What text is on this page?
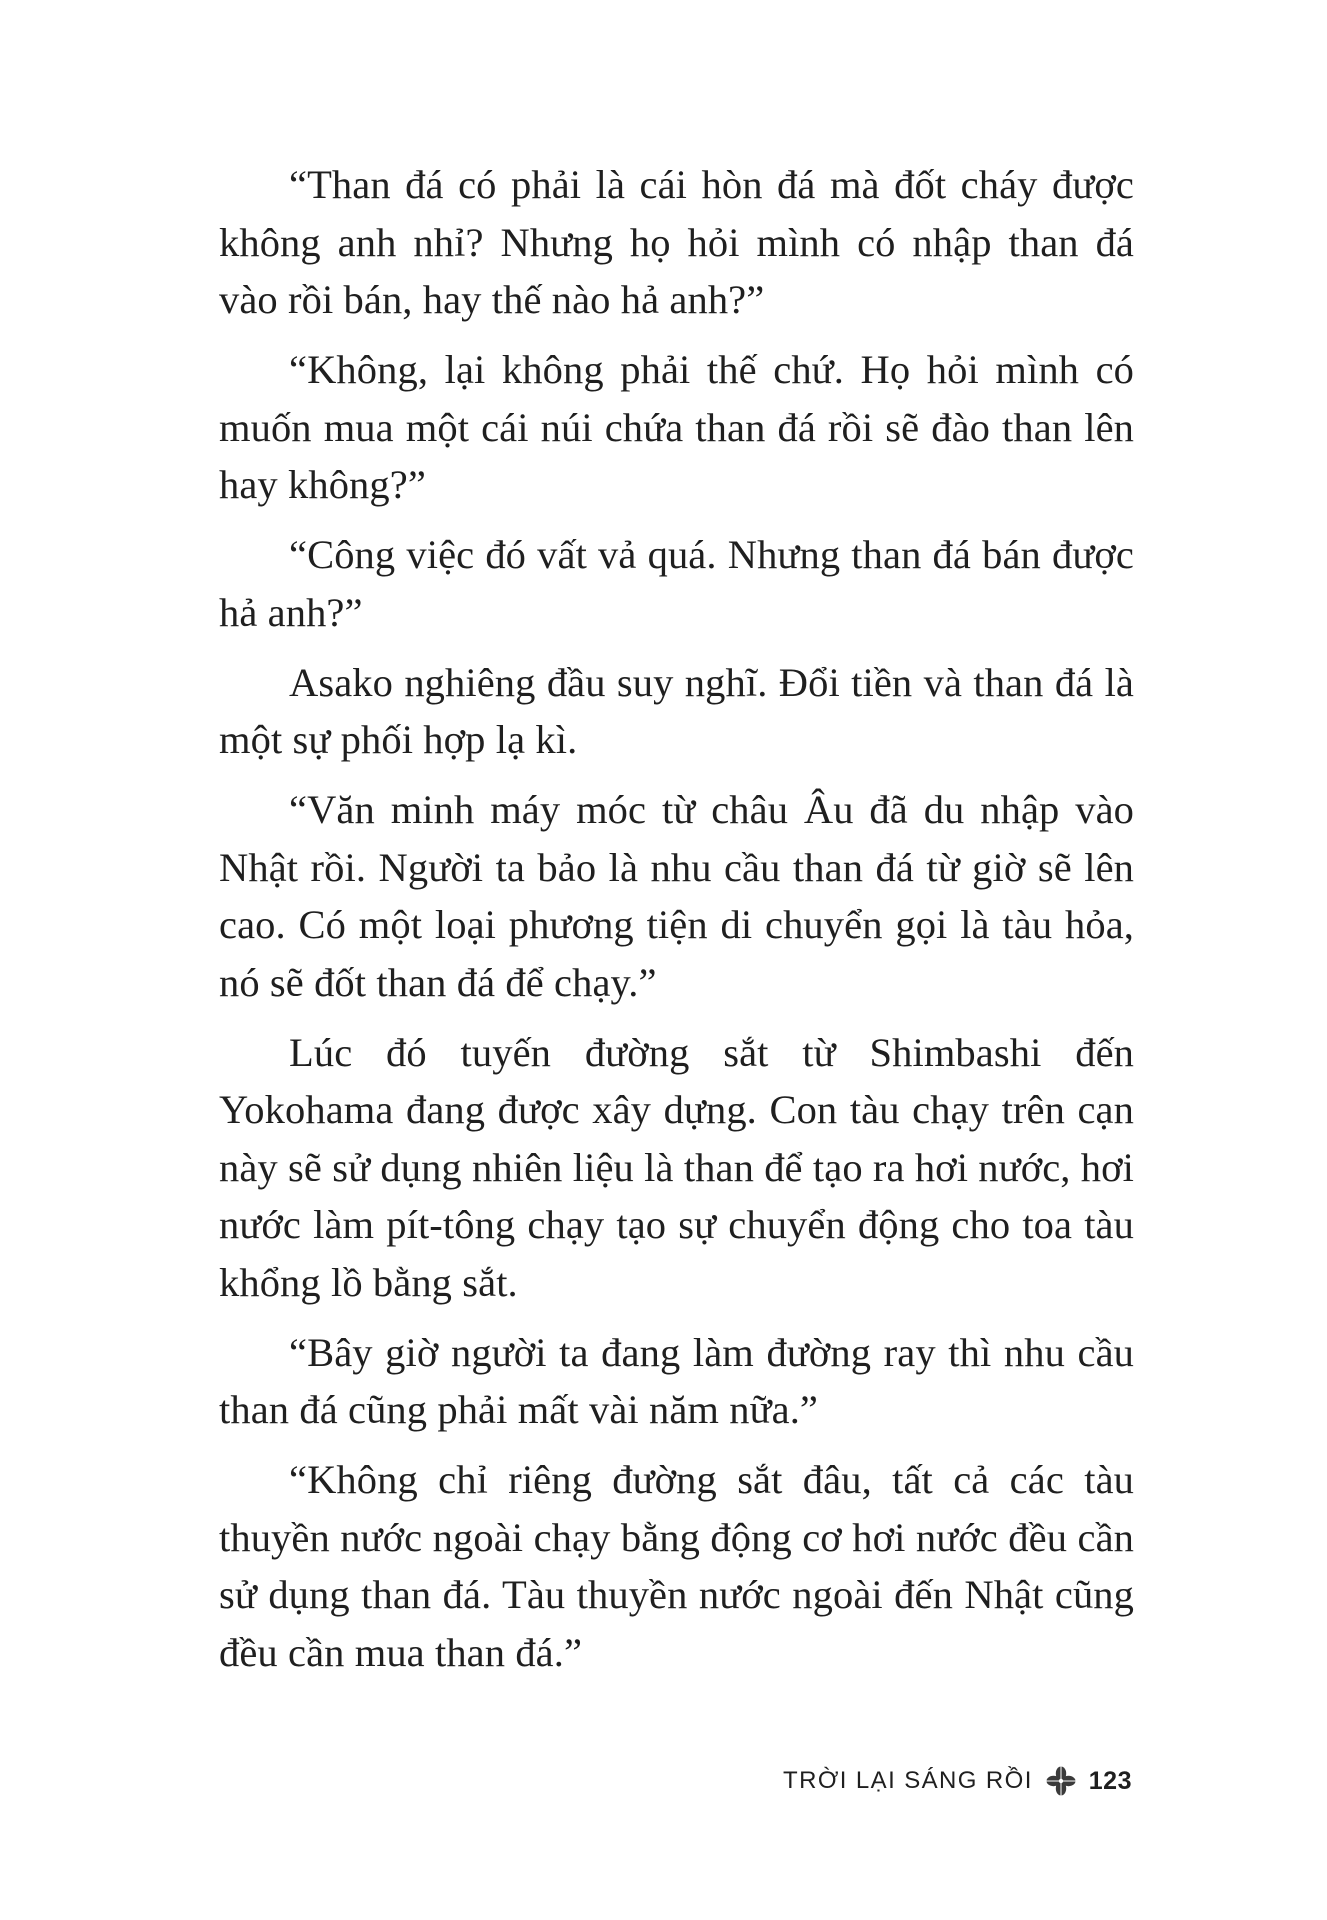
“Than đá có phải là cái hòn đá mà đốt cháy được không anh nhỉ? Nhưng họ hỏi mình có nhập than đá vào rồi bán, hay thế nào hả anh?”

“Không, lại không phải thế chứ. Họ hỏi mình có muốn mua một cái núi chứa than đá rồi sẽ đào than lên hay không?”

“Công việc đó vất vả quá. Nhưng than đá bán được hả anh?”

Asako nghiêng đầu suy nghĩ. Đổi tiền và than đá là một sự phối hợp lạ kì.

“Văn minh máy móc từ châu Âu đã du nhập vào Nhật rồi. Người ta bảo là nhu cầu than đá từ giờ sẽ lên cao. Có một loại phương tiện di chuyển gọi là tàu hỏa, nó sẽ đốt than đá để chạy.”

Lúc đó tuyến đường sắt từ Shimbashi đến Yokohama đang được xây dựng. Con tàu chạy trên cạn này sẽ sử dụng nhiên liệu là than để tạo ra hơi nước, hơi nước làm pít-tông chạy tạo sự chuyển động cho toa tàu khổng lồ bằng sắt.

“Bây giờ người ta đang làm đường ray thì nhu cầu than đá cũng phải mất vài năm nữa.”

“Không chỉ riêng đường sắt đâu, tất cả các tàu thuyền nước ngoài chạy bằng động cơ hơi nước đều cần sử dụng than đá. Tàu thuyền nước ngoài đến Nhật cũng đều cần mua than đá.”

TRỜI LẠI SÁNG RỒI 123
